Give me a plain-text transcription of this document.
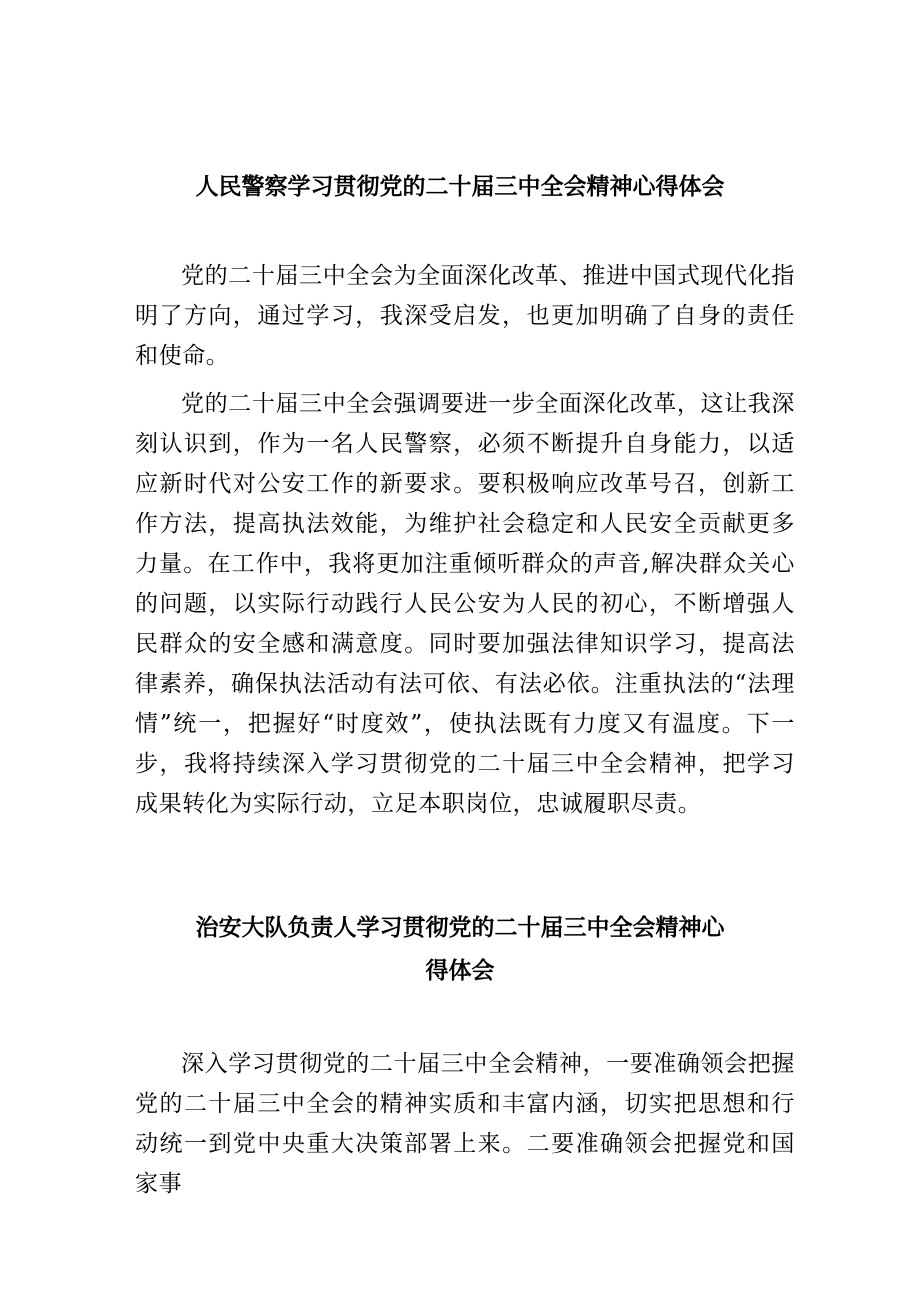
人民警察学习贯彻党的二十届三中全会精神心得体会

党的二十届三中全会为全面深化改革、推进中国式现代化指明了方向，通过学习，我深受启发，也更加明确了自身的责任和使命。

党的二十届三中全会强调要进一步全面深化改革，这让我深刻认识到，作为一名人民警察，必须不断提升自身能力，以适应新时代对公安工作的新要求。要积极响应改革号召，创新工作方法，提高执法效能，为维护社会稳定和人民安全贡献更多力量。在工作中，我将更加注重倾听群众的声音,解决群众关心的问题，以实际行动践行人民公安为人民的初心，不断增强人民群众的安全感和满意度。同时要加强法律知识学习，提高法律素养，确保执法活动有法可依、有法必依。注重执法的“法理情”统一，把握好“时度效”，使执法既有力度又有温度。下一步，我将持续深入学习贯彻党的二十届三中全会精神，把学习成果转化为实际行动，立足本职岗位，忠诚履职尽责。

治安大队负责人学习贯彻党的二十届三中全会精神心
得体会

深入学习贯彻党的二十届三中全会精神，一要准确领会把握党的二十届三中全会的精神实质和丰富内涵，切实把思想和行动统一到党中央重大决策部署上来。二要准确领会把握党和国家事
